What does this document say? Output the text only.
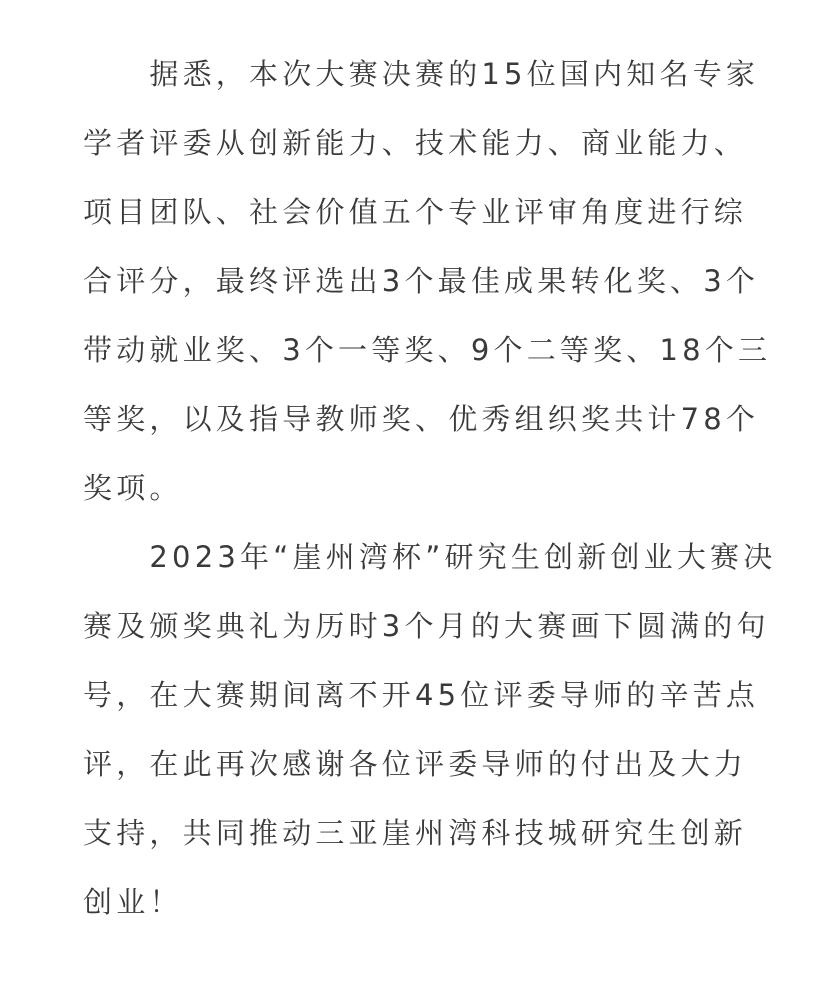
　　据悉，本次大赛决赛的15位国内知名专家
学者评委从创新能力、技术能力、商业能力、
项目团队、社会价值五个专业评审角度进行综
合评分，最终评选出3个最佳成果转化奖、3个
带动就业奖、3个一等奖、9个二等奖、18个三
等奖，以及指导教师奖、优秀组织奖共计78个
奖项。
　　2023年“崖州湾杯”研究生创新创业大赛决
赛及颁奖典礼为历时3个月的大赛画下圆满的句
号，在大赛期间离不开45位评委导师的辛苦点
评，在此再次感谢各位评委导师的付出及大力
支持，共同推动三亚崖州湾科技城研究生创新
创业！
